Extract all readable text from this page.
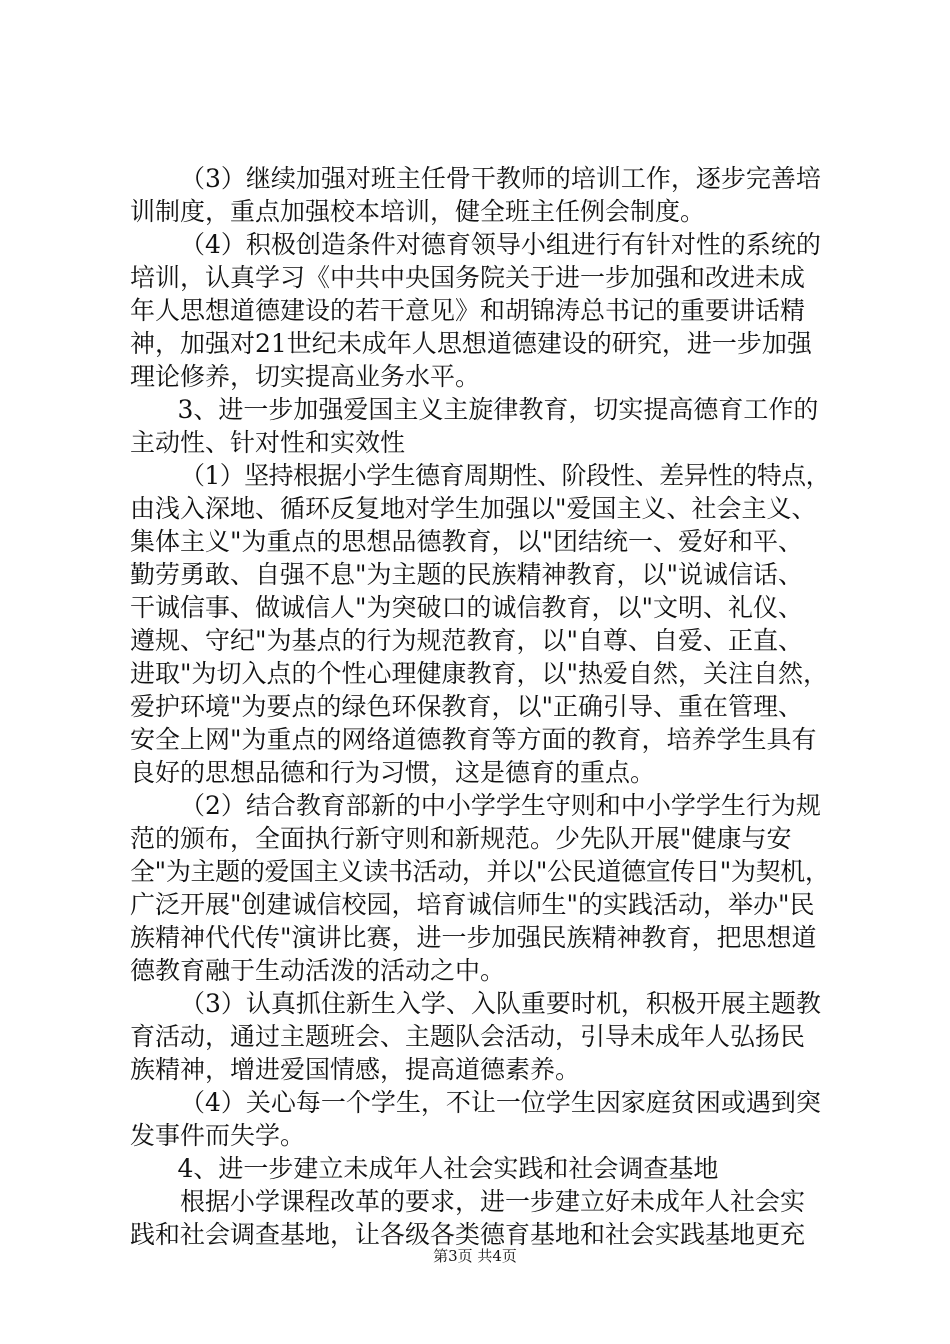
（3）继续加强对班主任骨干教师的培训工作，逐步完善培
训制度，重点加强校本培训，健全班主任例会制度。
（4）积极创造条件对德育领导小组进行有针对性的系统的
培训，认真学习《中共中央国务院关于进一步加强和改进未成
年人思想道德建设的若干意见》和胡锦涛总书记的重要讲话精
神，加强对21世纪未成年人思想道德建设的研究，进一步加强
理论修养，切实提高业务水平。
3、进一步加强爱国主义主旋律教育，切实提高德育工作的
主动性、针对性和实效性
（1）坚持根据小学生德育周期性、阶段性、差异性的特点，
由浅入深地、循环反复地对学生加强以"爱国主义、社会主义、
集体主义"为重点的思想品德教育，以"团结统一、爱好和平、
勤劳勇敢、自强不息"为主题的民族精神教育，以"说诚信话、
干诚信事、做诚信人"为突破口的诚信教育，以"文明、礼仪、
遵规、守纪"为基点的行为规范教育，以"自尊、自爱、正直、
进取"为切入点的个性心理健康教育，以"热爱自然，关注自然，
爱护环境"为要点的绿色环保教育，以"正确引导、重在管理、
安全上网"为重点的网络道德教育等方面的教育，培养学生具有
良好的思想品德和行为习惯，这是德育的重点。
（2）结合教育部新的中小学学生守则和中小学学生行为规
范的颁布，全面执行新守则和新规范。少先队开展"健康与安
全"为主题的爱国主义读书活动，并以"公民道德宣传日"为契机，
广泛开展"创建诚信校园，培育诚信师生"的实践活动，举办"民
族精神代代传"演讲比赛，进一步加强民族精神教育，把思想道
德教育融于生动活泼的活动之中。
（3）认真抓住新生入学、入队重要时机，积极开展主题教
育活动，通过主题班会、主题队会活动，引导未成年人弘扬民
族精神，增进爱国情感，提高道德素养。
（4）关心每一个学生，不让一位学生因家庭贫困或遇到突
发事件而失学。
4、进一步建立未成年人社会实践和社会调查基地
根据小学课程改革的要求，进一步建立好未成年人社会实
践和社会调查基地，让各级各类德育基地和社会实践基地更充
第3页 共4页
